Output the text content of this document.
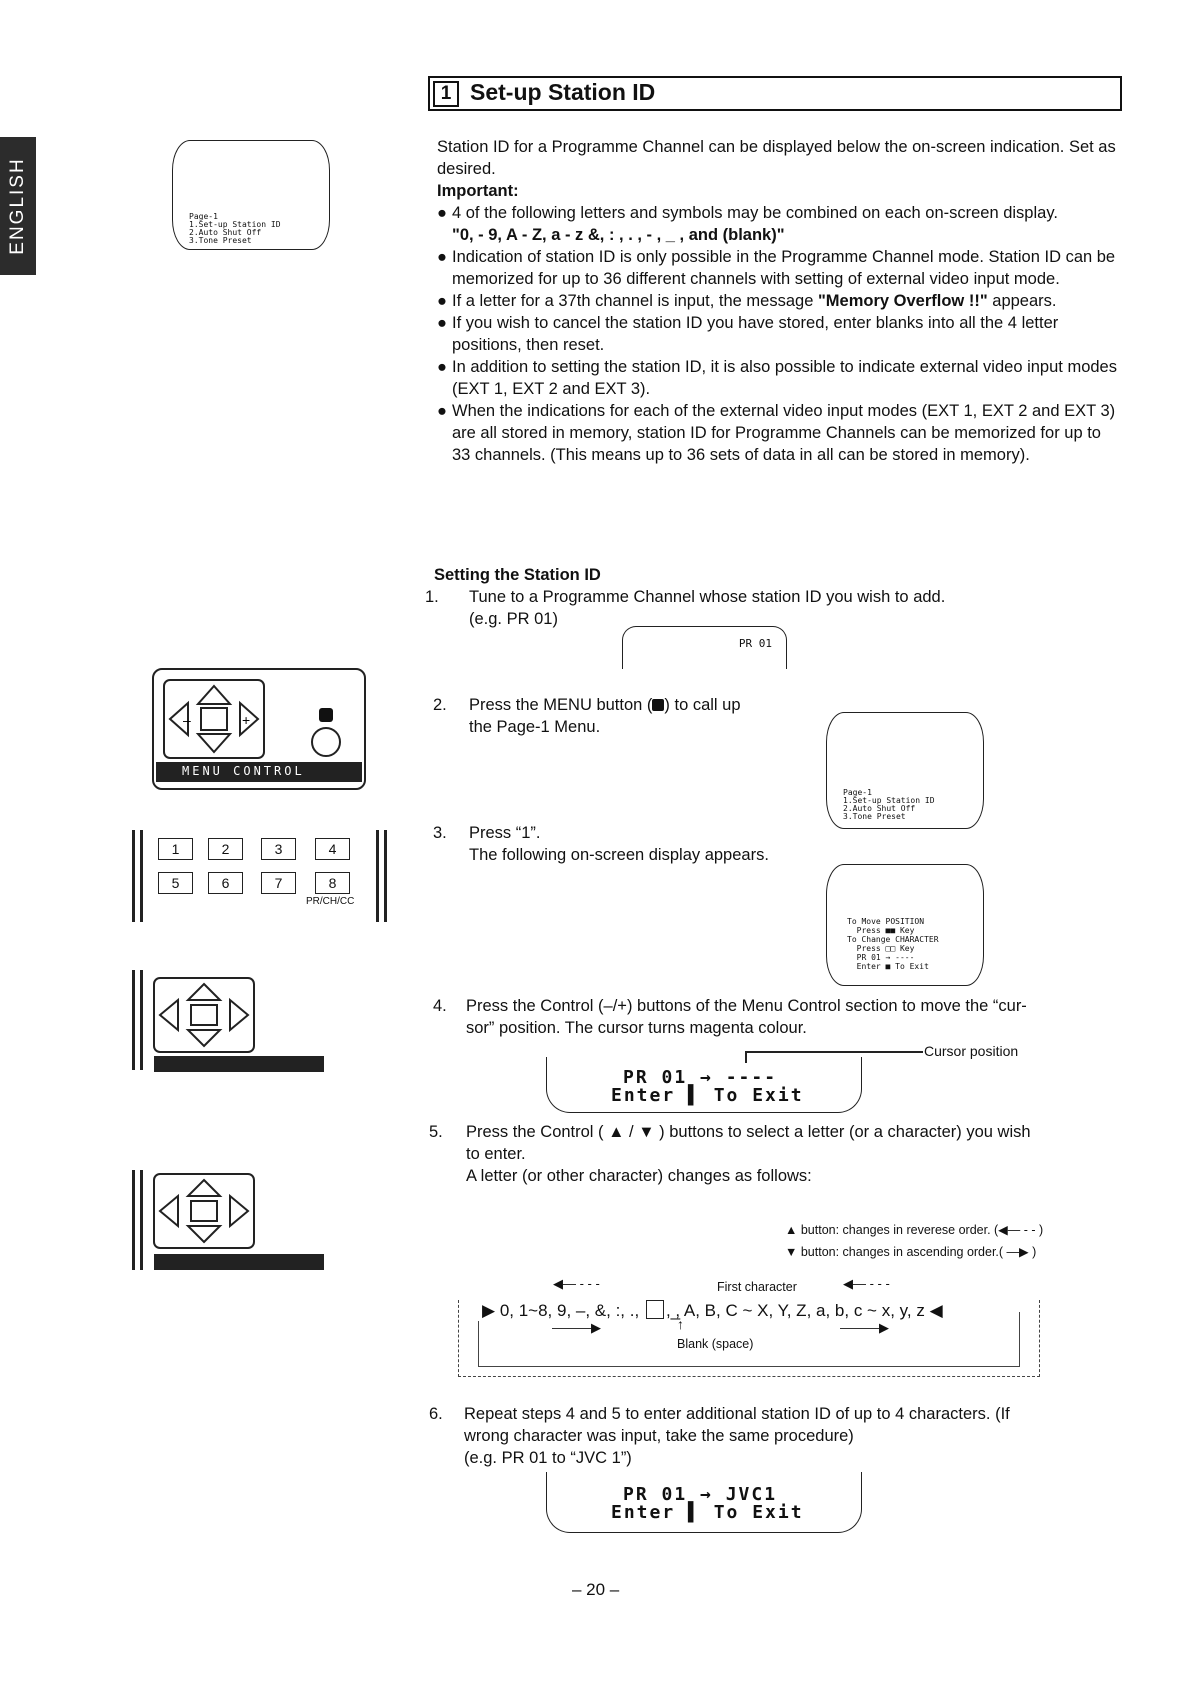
ENGLISH
1 Set-up Station ID
Page-1
1.Set-up Station ID
2.Auto Shut Off
3.Tone Preset
Station ID for a Programme Channel can be displayed below the on-screen indication. Set as desired.
Important:
● 4 of the following letters and symbols may be combined on each on-screen display.
"0, - 9, A - Z, a - z &, : , . , - , _ , and (blank)"
● Indication of station ID is only possible in the Programme Channel mode. Station ID can be memorized for up to 36 different channels with setting of external video input mode.
● If a letter for a 37th channel is input, the message "Memory Overflow !!" appears.
● If you wish to cancel the station ID you have stored, enter blanks into all the 4 letter positions, then reset.
● In addition to setting the station ID, it is also possible to indicate external video input modes (EXT 1, EXT 2 and EXT 3).
● When the indications for each of the external video input modes (EXT 1, EXT 2 and EXT 3) are all stored in memory, station ID for Programme Channels can be memorized for up to 33 channels. (This means up to 36 sets of data in all can be stored in memory).
Setting the Station ID
1. Tune to a Programme Channel whose station ID you wish to add.
(e.g. PR 01)
PR 01
2. Press the MENU button ( ) to call up
the Page-1 Menu.
Page-1
1.Set-up Station ID
2.Auto Shut Off
3.Tone Preset
3. Press “1”.
The following on-screen display appears.
To Move POSITION
Press ■■ Key
To Change CHARACTER
Press □□ Key
PR 01 → ----
Enter ■ To Exit
4. Press the Control (–/+) buttons of the Menu Control section to move the “cur-
sor” position. The cursor turns magenta colour.
Cursor position
PR 01 → ----
Enter ▌ To Exit
5. Press the Control ( ▲ / ▼ ) buttons to select a letter (or a character) you wish
to enter.
A letter (or other character) changes as follows:
▲ button: changes in reverese order. (◀— - - )
▼ button: changes in ascending order.( —▶ )
First character
◀— - - -	◀— - - -
▶ 0, 1~8, 9, –, &, :, ., , ̲, A, B, C ~ X, Y, Z, a, b, c ~ x, y, z ◀
———▶	———▶
↑
Blank (space)
6. Repeat steps 4 and 5 to enter additional station ID of up to 4 characters. (If
wrong character was input, take the same procedure)
(e.g. PR 01 to “JVC 1”)
PR 01 → JVC1
Enter ▌ To Exit
– 20 –
–	+
MENU CONTROL
1	2	3	4
5	6	7	8
PR/CH/CC
